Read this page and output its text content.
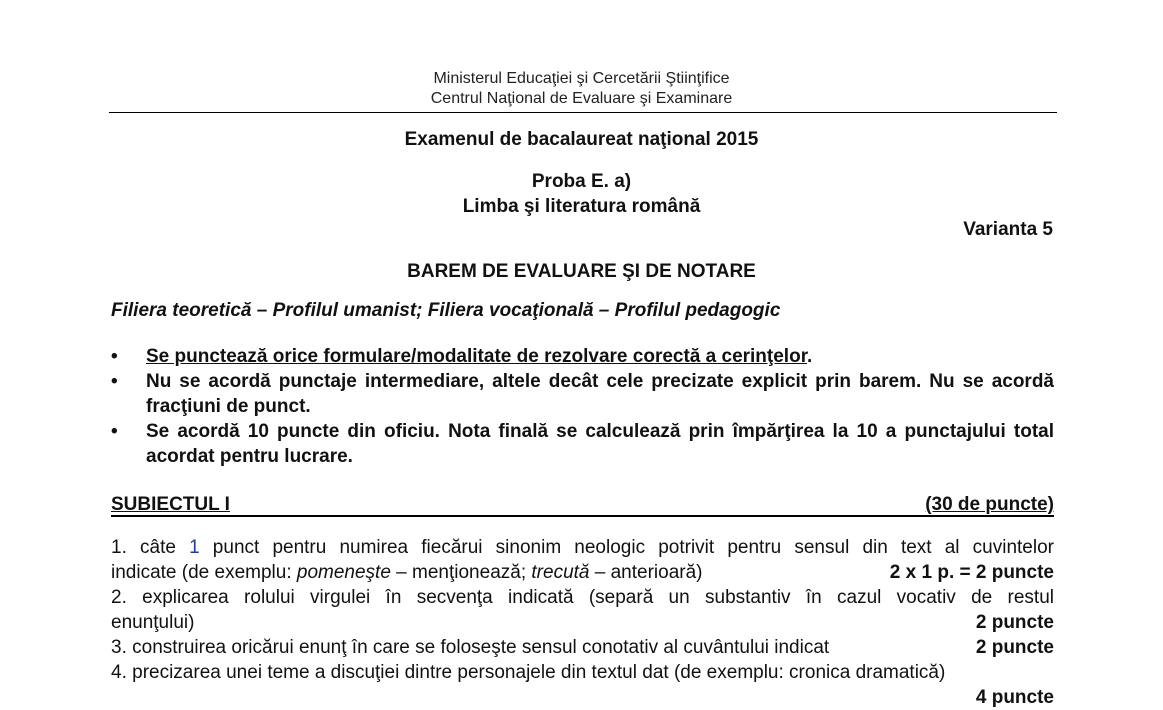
Ministerul Educaţiei şi Cercetării Ştiinţifice
Centrul Naţional de Evaluare şi Examinare
Examenul de bacalaureat naţional 2015
Proba E. a)
Limba şi literatura română
Varianta 5
BAREM DE EVALUARE ŞI DE NOTARE
Filiera teoretică – Profilul umanist; Filiera vocaţională – Profilul pedagogic
• Se punctează orice formulare/modalitate de rezolvare corectă a cerinţelor.
• Nu se acordă punctaje intermediare, altele decât cele precizate explicit prin barem. Nu se acordă fracţiuni de punct.
• Se acordă 10 puncte din oficiu. Nota finală se calculează prin împărţirea la 10 a punctajului total acordat pentru lucrare.
SUBIECTUL I	(30 de puncte)
1. câte 1 punct pentru numirea fiecărui sinonim neologic potrivit pentru sensul din text al cuvintelor
indicate (de exemplu: pomeneşte – menţionează; trecută – anterioară)	2 x 1 p. = 2 puncte
2. explicarea rolului virgulei în secvenţa indicată (separă un substantiv în cazul vocativ de restul
enunţului)	2 puncte
3. construirea oricărui enunţ în care se foloseşte sensul conotativ al cuvântului indicat	2 puncte
4. precizarea unei teme a discuţiei dintre personajele din textul dat (de exemplu: cronica dramatică)
4 puncte
